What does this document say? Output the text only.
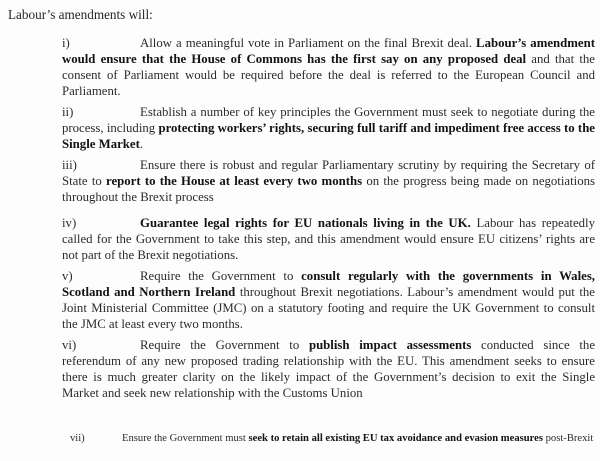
Labour’s amendments will:
i)	Allow a meaningful vote in Parliament on the final Brexit deal. Labour’s amendment would ensure that the House of Commons has the first say on any proposed deal and that the consent of Parliament would be required before the deal is referred to the European Council and Parliament.
ii)	Establish a number of key principles the Government must seek to negotiate during the process, including protecting workers’ rights, securing full tariff and impediment free access to the Single Market.
iii)	Ensure there is robust and regular Parliamentary scrutiny by requiring the Secretary of State to report to the House at least every two months on the progress being made on negotiations throughout the Brexit process
iv)	Guarantee legal rights for EU nationals living in the UK. Labour has repeatedly called for the Government to take this step, and this amendment would ensure EU citizens’ rights are not part of the Brexit negotiations.
v)	Require the Government to consult regularly with the governments in Wales, Scotland and Northern Ireland throughout Brexit negotiations. Labour’s amendment would put the Joint Ministerial Committee (JMC) on a statutory footing and require the UK Government to consult the JMC at least every two months.
vi)	Require the Government to publish impact assessments conducted since the referendum of any new proposed trading relationship with the EU. This amendment seeks to ensure there is much greater clarity on the likely impact of the Government’s decision to exit the Single Market and seek new relationship with the Customs Union
vii)	Ensure the Government must seek to retain all existing EU tax avoidance and evasion measures post-Brexit
